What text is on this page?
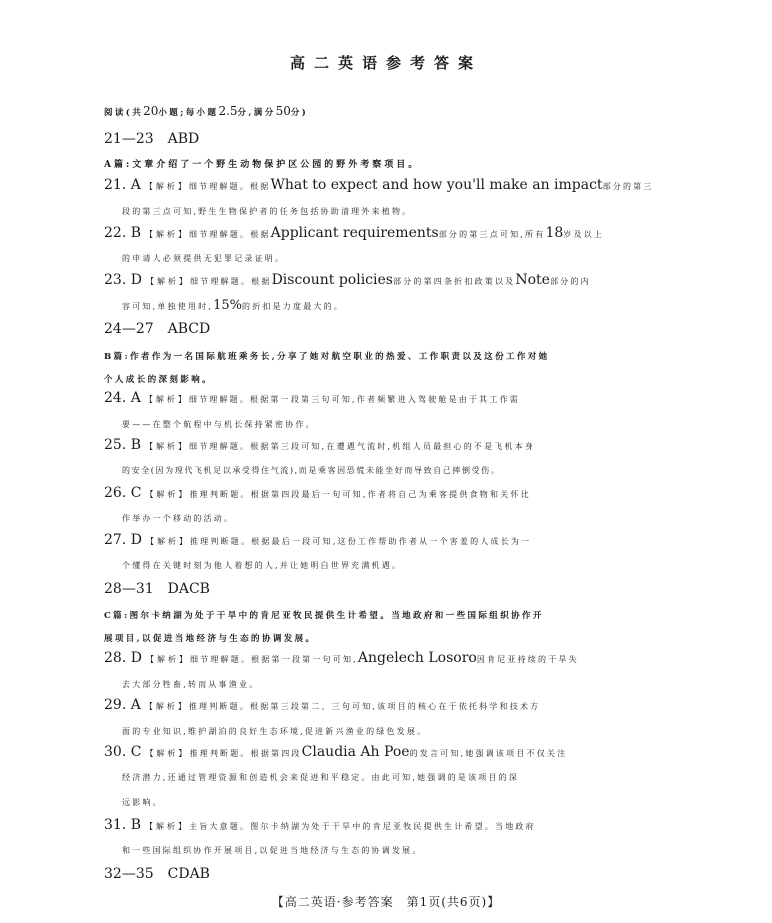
高二英语参考答案
阅读(共20小题;每小题2.5分,满分50分)
21—23　ABD
A篇:文章介绍了一个野生动物保护区公园的野外考察项目。
21. A 【解析】细节理解题。根据What to expect and how you'll make an impact部分的第三
段的第三点可知,野生生物保护者的任务包括协助清理外来植物。
22. B 【解析】细节理解题。根据Applicant requirements部分的第三点可知,所有18岁及以上
的申请人必须提供无犯罪记录证明。
23. D 【解析】细节理解题。根据Discount policies部分的第四条折扣政策以及Note部分的内
容可知,单独使用时,15%的折扣是力度最大的。
24—27　ABCD
B篇:作者作为一名国际航班乘务长,分享了她对航空职业的热爱、工作职责以及这份工作对她
个人成长的深刻影响。
24. A 【解析】细节理解题。根据第一段第三句可知,作者频繁进入驾驶舱是由于其工作需
要——在整个航程中与机长保持紧密协作。
25. B 【解析】细节理解题。根据第三段可知,在遭遇气流时,机组人员最担心的不是飞机本身
的安全(因为现代飞机足以承受得住气流),而是乘客因恐慌未能坐好而导致自己摔倒受伤。
26. C 【解析】推理判断题。根据第四段最后一句可知,作者将自己为乘客提供食物和关怀比
作举办一个移动的活动。
27. D 【解析】推理判断题。根据最后一段可知,这份工作帮助作者从一个害羞的人成长为一
个懂得在关键时刻为他人着想的人,并让她明白世界充满机遇。
28—31　DACB
C篇:图尔卡纳湖为处于干旱中的肯尼亚牧民提供生计希望。当地政府和一些国际组织协作开
展项目,以促进当地经济与生态的协调发展。
28. D 【解析】细节理解题。根据第一段第一句可知,Angelech Losoro因肯尼亚持续的干旱失
去大部分牲畜,转而从事渔业。
29. A 【解析】推理判断题。根据第三段第二、三句可知,该项目的核心在于依托科学和技术方
面的专业知识,维护湖泊的良好生态环境,促进新兴渔业的绿色发展。
30. C 【解析】推理判断题。根据第四段Claudia Ah Poe的发言可知,她强调该项目不仅关注
经济潜力,还通过管理资源和创造机会来促进和平稳定。由此可知,她强调的是该项目的深
远影响。
31. B 【解析】主旨大意题。图尔卡纳湖为处于干旱中的肯尼亚牧民提供生计希望。当地政府
和一些国际组织协作开展项目,以促进当地经济与生态的协调发展。
32—35　CDAB
【高二英语·参考答案　第1页(共6页)】
